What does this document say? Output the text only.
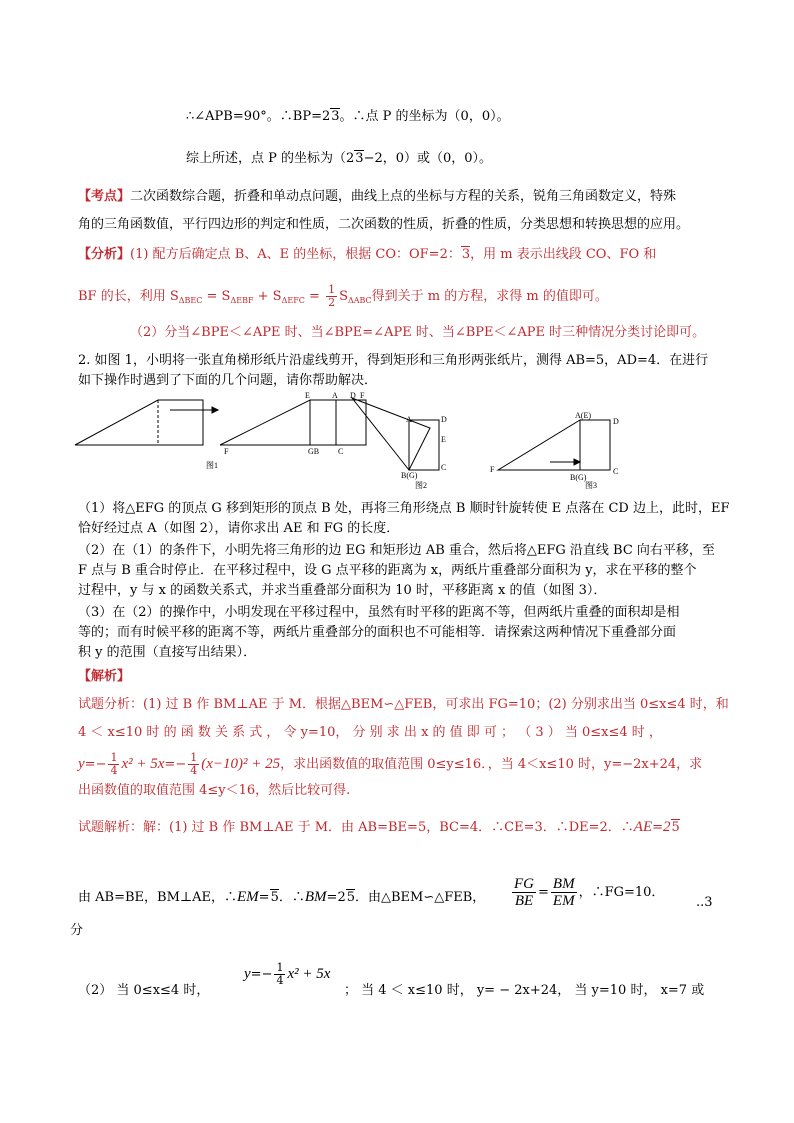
∴∠APB=90°。∴BP=23。∴点 P 的坐标为（0，0）。
综上所述，点 P 的坐标为（23−2，0）或（0，0）。
【考点】二次函数综合题，折叠和单动点问题，曲线上点的坐标与方程的关系，锐角三角函数定义，特殊
角的三角函数值，平行四边形的判定和性质，二次函数的性质，折叠的性质，分类思想和转换思想的应用。
【分析】(1) 配方后确定点 B、A、E 的坐标，根据 CO：OF=2：3，用 m 表示出线段 CO、FO 和
BF 的长，利用 $S_{\Delta BEC} = S_{\Delta EBF} + S_{\Delta EFC} = \frac{1}{2} S_{\Delta ABC}$得到关于 m 的方程，求得 m 的值即可。
（2）分当∠BPE＜∠APE 时、当∠BPE=∠APE 时、当∠BPE＜∠APE 时三种情况分类讨论即可。
2. 如图 1，小明将一张直角梯形纸片沿虚线剪开，得到矩形和三角形两张纸片，测得 AB=5，AD=4．在进行
如下操作时遇到了下面的几个问题，请你帮助解决．
E	A D F
F	GB C
A	D
E
C
B(G)
A(E)
D
F
B(G)
C
图1
图2	图3
（1）将△EFG 的顶点 G 移到矩形的顶点 B 处，再将三角形绕点 B 顺时针旋转使 E 点落在 CD 边上，此时，EF
恰好经过点 A（如图 2），请你求出 AE 和 FG 的长度．
（2）在（1）的条件下，小明先将三角形的边 EG 和矩形边 AB 重合，然后将△EFG 沿直线 BC 向右平移，至
F 点与 B 重合时停止．在平移过程中，设 G 点平移的距离为 x，两纸片重叠部分面积为 y，求在平移的整个
过程中，y 与 x 的函数关系式，并求当重叠部分面积为 10 时，平移距离 x 的值（如图 3）．
（3）在（2）的操作中，小明发现在平移过程中，虽然有时平移的距离不等，但两纸片重叠的面积却是相
等的；而有时候平移的距离不等，两纸片重叠部分的面积也不可能相等．请探索这两种情况下重叠部分面
积 y 的范围（直接写出结果）．
【解析】
试题分析：(1) 过 B 作 BM⊥AE 于 M．根据△BEM∽△FEB，可求出 FG=10；(2) 分别求出当 0≤x≤4 时，和
4 ＜ x≤10 时 的 函 数 关 系 式 ， 令 y=10， 分 别 求 出 x 的 值 即 可 ； （ 3 ） 当 0≤x≤4 时 ，
$y=- \frac{1}{4} x^2 + 5x=- \frac{1}{4} (x-10)^2 + 25$，求出函数值的取值范围 0≤y≤16．，当 4＜x≤10 时，y=−2x+24，求
出函数值的取值范围 4≤y＜16，然后比较可得.
试题解析：解：(1) 过 B 作 BM⊥AE 于 M．由 AB=BE=5，BC=4．∴CE=3．∴DE=2．∴AE=25
由 AB=BE，BM⊥AE，∴EM=5．∴BM=25．由△BEM∽△FEB， $\frac{FG}{BE} = \frac{BM}{EM}$ ，∴FG=10．
..3
分
（2） 当 0≤x≤4 时，
$y=- \frac{1}{4} x^2 + 5x$
； 当 4 ＜ x≤10 时， y= − 2x+24， 当 y=10 时， x=7 或
